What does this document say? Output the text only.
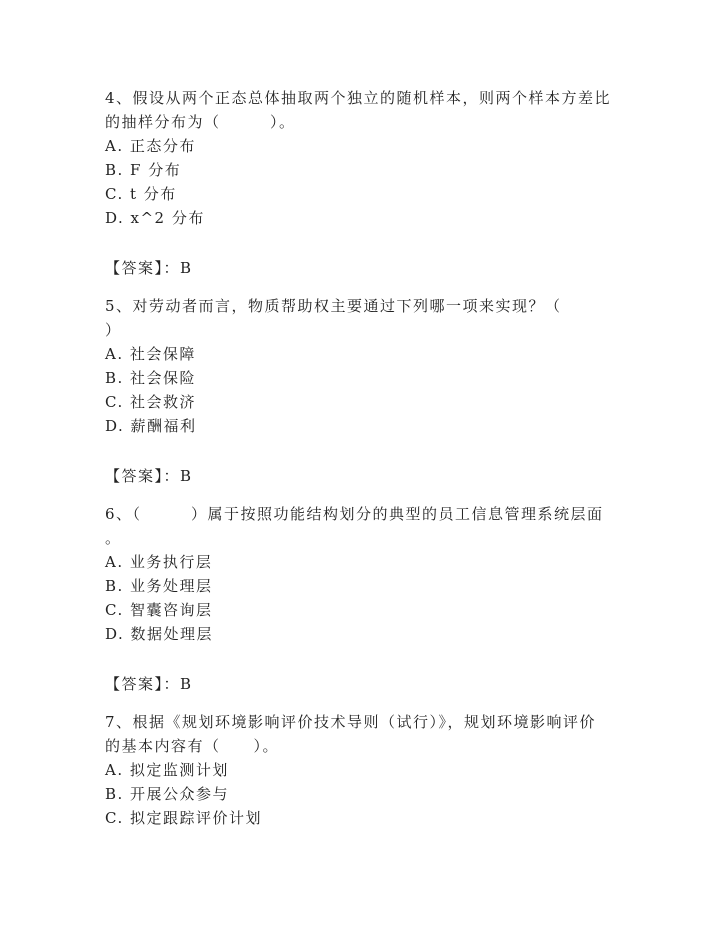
4、假设从两个正态总体抽取两个独立的随机样本，则两个样本方差比
的抽样分布为（　　　）。
A. 正态分布
B. F 分布
C. t 分布
D. x^2 分布
【答案】：B
5、对劳动者而言，物质帮助权主要通过下列哪一项来实现？（
）
A. 社会保障
B. 社会保险
C. 社会救济
D. 薪酬福利
【答案】：B
6、（　　　）属于按照功能结构划分的典型的员工信息管理系统层面
。
A. 业务执行层
B. 业务处理层
C. 智囊咨询层
D. 数据处理层
【答案】：B
7、根据《规划环境影响评价技术导则（试行）》，规划环境影响评价
的基本内容有（　　）。
A. 拟定监测计划
B. 开展公众参与
C. 拟定跟踪评价计划
